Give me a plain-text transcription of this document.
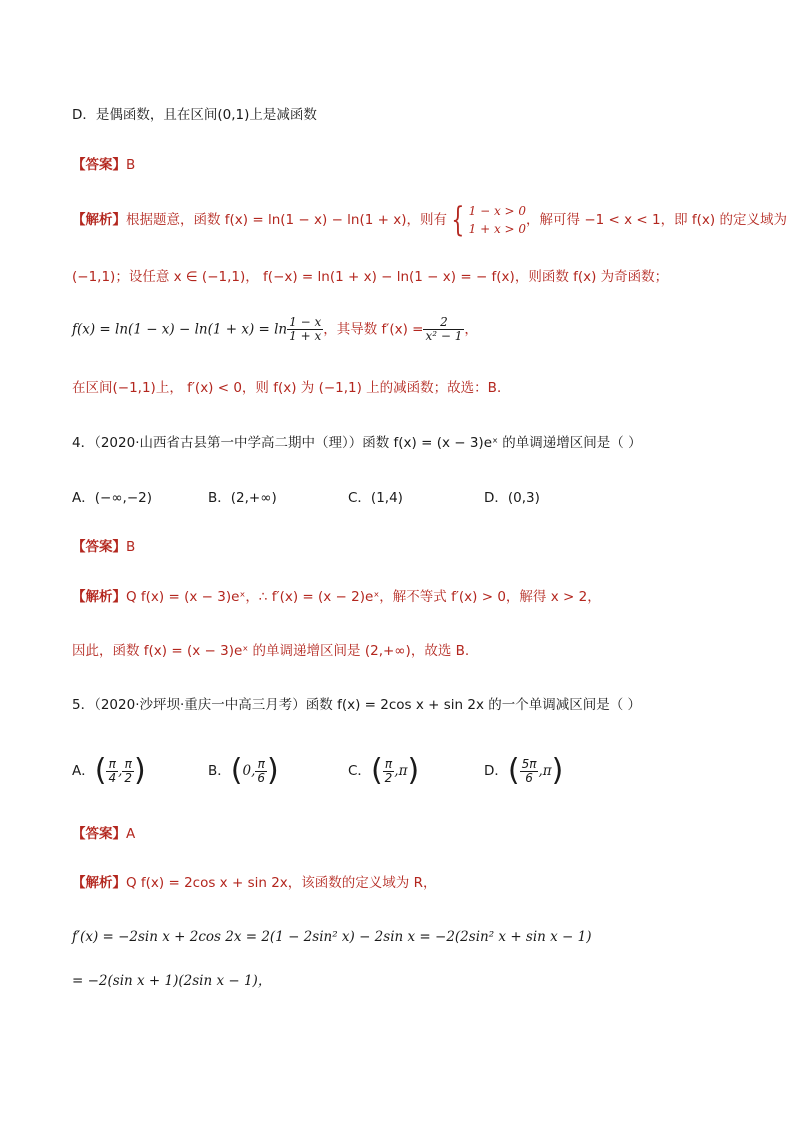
D．是偶函数，且在区间(0,1)上是减函数
【答案】B
【解析】根据题意，函数 f(x) = ln(1 − x) − ln(1 + x)，则有 { 1 − x > 0
1 + x > 0
，解可得 −1 < x < 1，即 f(x) 的定义域为
(−1,1)；设任意 x ∈ (−1,1)， f(−x) = ln(1 + x) − ln(1 − x) = − f(x)，则函数 f(x) 为奇函数；
$f(x) = \ln(1 - x) - \ln(1 + x) = \ln \frac{1 - x}{1 + x}$ ，其导数 $f'(x) = \frac{2}{\text{x² − 1}}$ ，
在区间(−1,1)上， f′(x) < 0，则 f(x) 为 (−1,1) 上的减函数；故选：B．
4．（2020·山西省古县第一中学高二期中（理））函数 f(x) = (x − 3)eˣ 的单调递增区间是（ ）
A．(−∞,−2)	B．(2,+∞)	C．(1,4)	D．(0,3)
【答案】B
【解析】Q f(x) = (x − 3)eˣ，∴ f′(x) = (x − 2)eˣ，解不等式 f′(x) > 0，解得 x > 2，
因此，函数 f(x) = (x − 3)eˣ 的单调递增区间是 (2,+∞)，故选 B.
5．（2020·沙坪坝·重庆一中高三月考）函数 f(x) = 2cos x + sin 2x 的一个单调减区间是（ ）
A． ( $\frac{\pi}{4}$ , $\frac{\pi}{2}$ )	B． ( 0, $\frac{\pi}{6}$ )	C． ( $\frac{\pi}{2} ,\pi$ )	D． ( $\frac{5\pi}{6} ,\pi$ )
【答案】A
【解析】Q f(x) = 2cos x + sin 2x，该函数的定义域为 R，
f′(x) = −2sin x + 2cos 2x = 2(1 − 2sin² x) − 2sin x = −2(2sin² x + sin x − 1)
= −2(sin x + 1)(2sin x − 1)，
